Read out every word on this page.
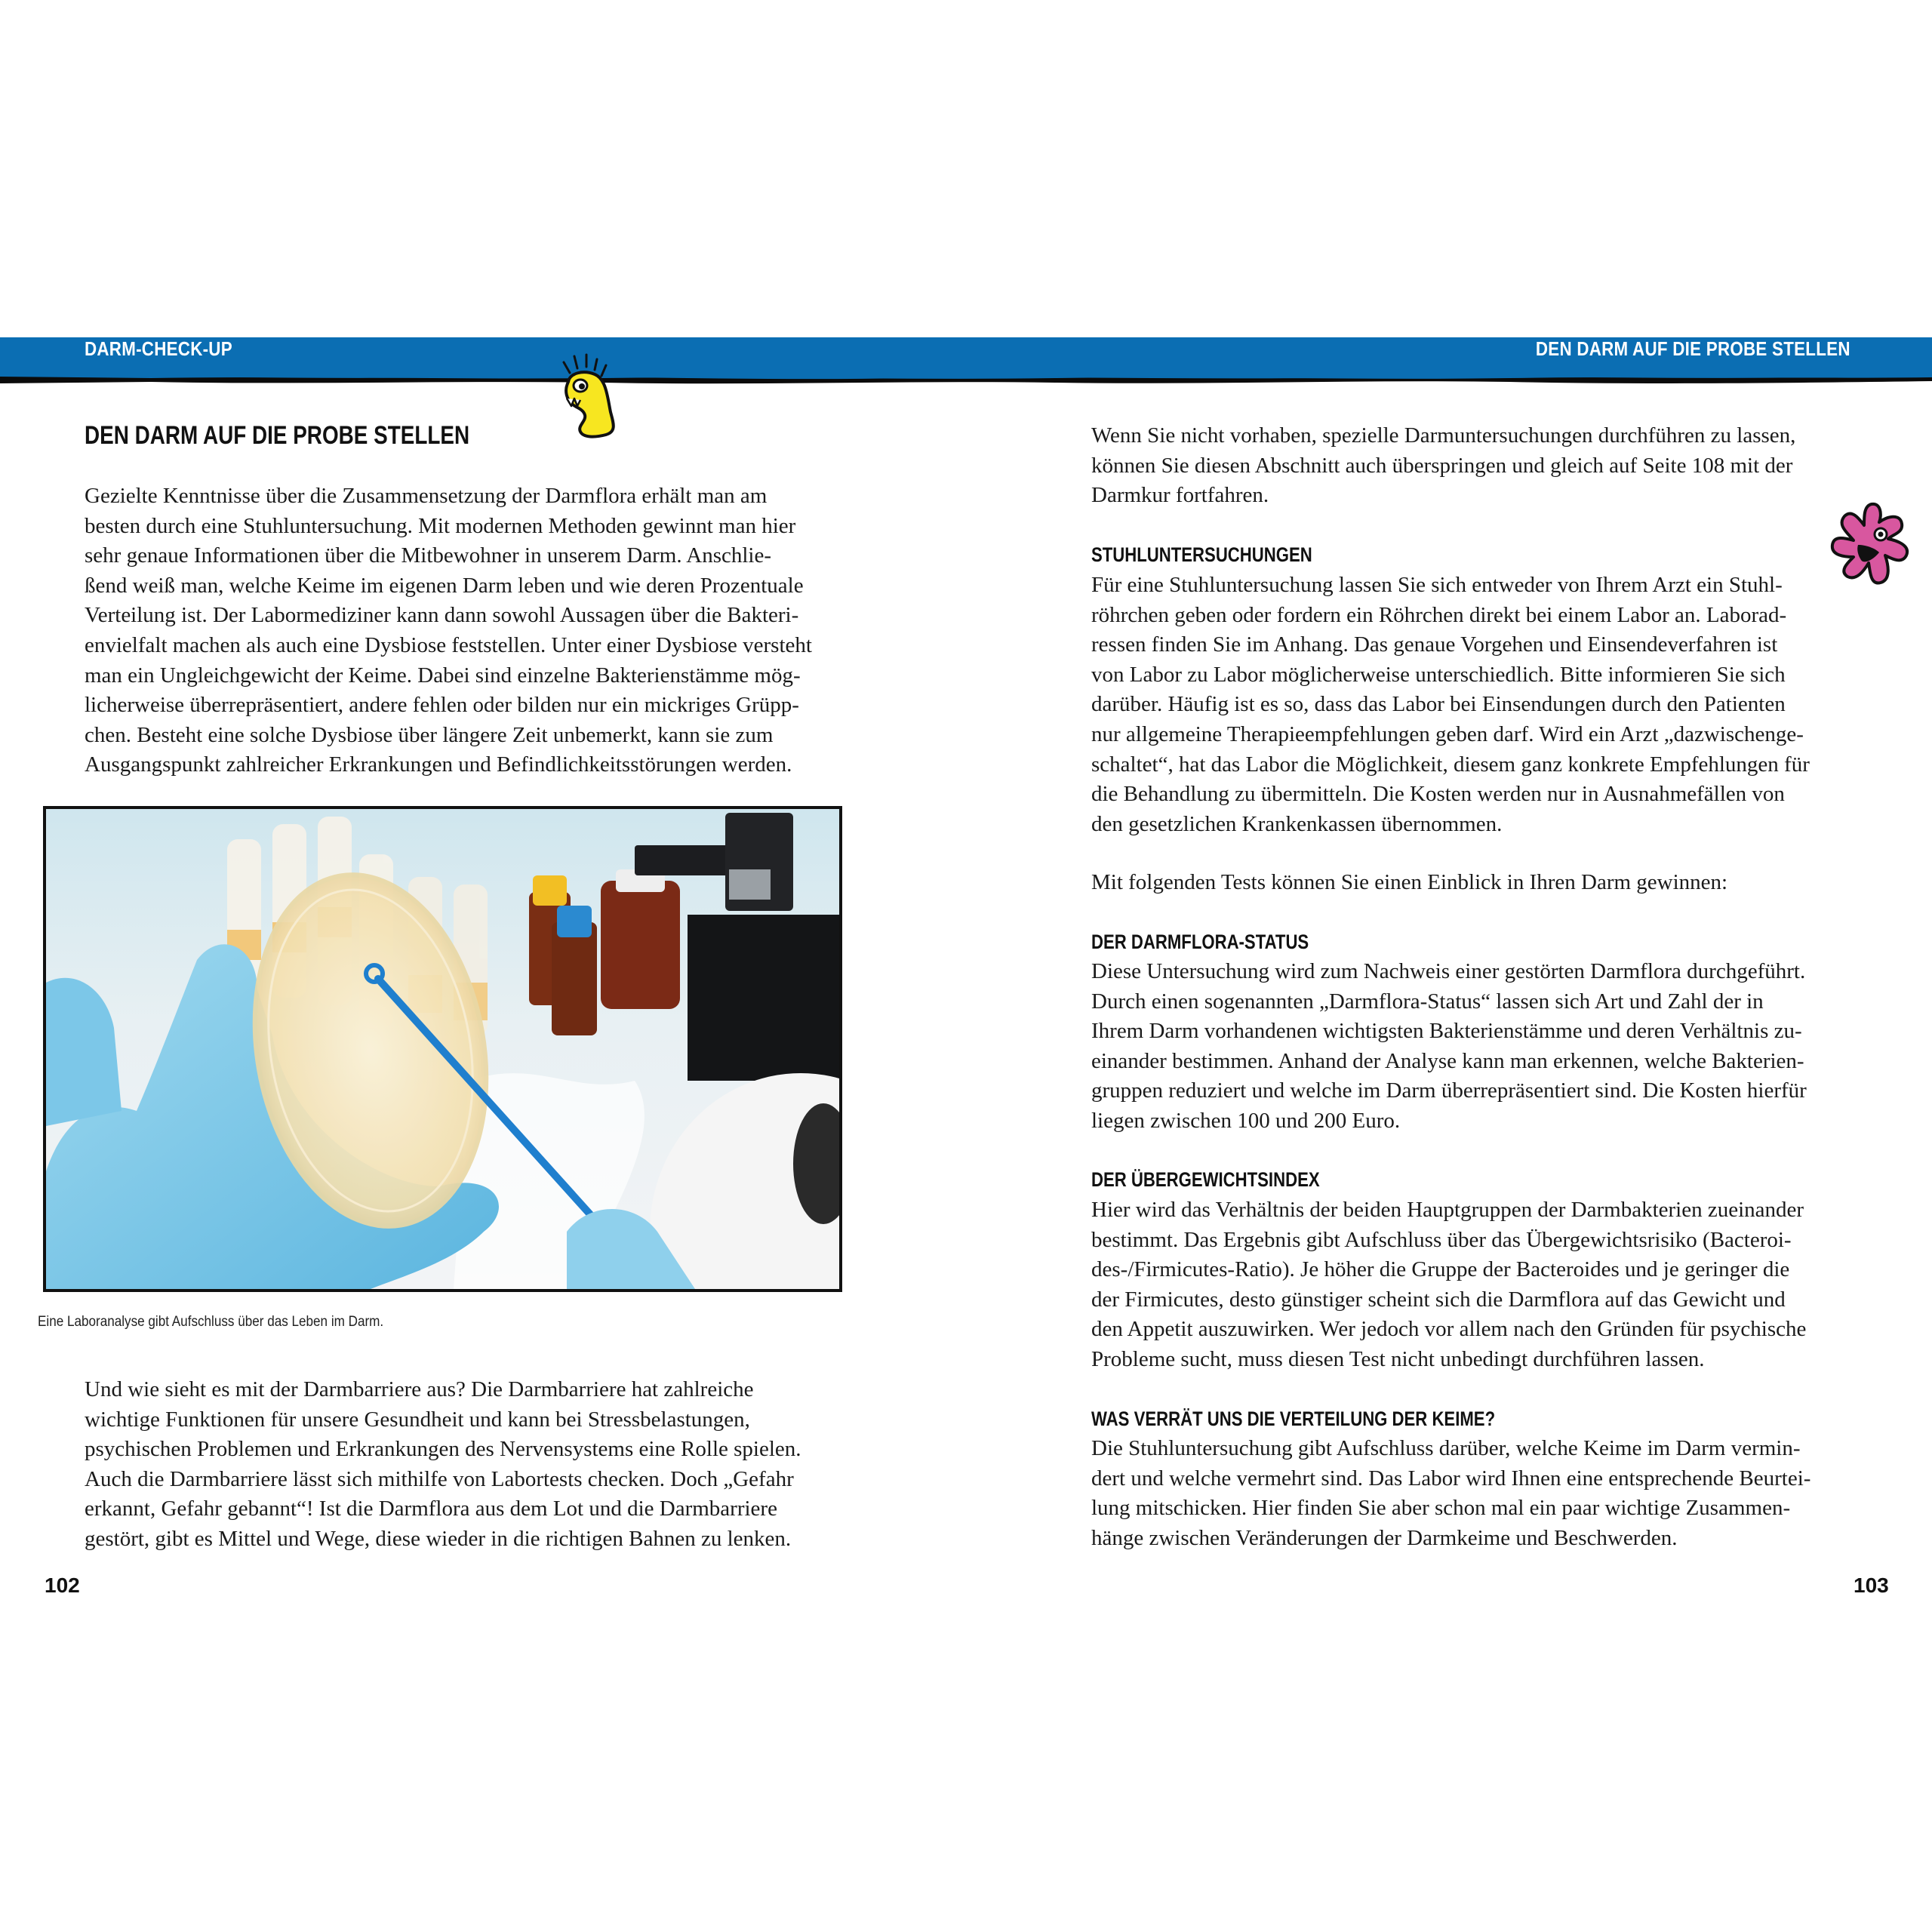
DARM-CHECK-UP	DEN DARM AUF DIE PROBE STELLEN
DEN DARM AUF DIE PROBE STELLEN
Gezielte Kenntnisse über die Zusammensetzung der Darmflora erhält man am
besten durch eine Stuhluntersuchung. Mit modernen Methoden gewinnt man hier
sehr genaue Informationen über die Mitbewohner in unserem Darm. Anschlie-
ßend weiß man, welche Keime im eigenen Darm leben und wie deren Prozentuale
Verteilung ist. Der Labormediziner kann dann sowohl Aussagen über die Bakteri-
envielfalt machen als auch eine Dysbiose feststellen. Unter einer Dysbiose versteht
man ein Ungleichgewicht der Keime. Dabei sind einzelne Bakterienstämme mög-
licherweise überrepräsentiert, andere fehlen oder bilden nur ein mickriges Grüpp-
chen. Besteht eine solche Dysbiose über längere Zeit unbemerkt, kann sie zum
Ausgangspunkt zahlreicher Erkrankungen und Befindlichkeitsstörungen werden.
Eine Laboranalyse gibt Aufschluss über das Leben im Darm.
Und wie sieht es mit der Darmbarriere aus? Die Darmbarriere hat zahlreiche
wichtige Funktionen für unsere Gesundheit und kann bei Stressbelastungen,
psychischen Problemen und Erkrankungen des Nervensystems eine Rolle spielen.
Auch die Darmbarriere lässt sich mithilfe von Labortests checken. Doch „Gefahr
erkannt, Gefahr gebannt“! Ist die Darmflora aus dem Lot und die Darmbarriere
gestört, gibt es Mittel und Wege, diese wieder in die richtigen Bahnen zu lenken.
102
Wenn Sie nicht vorhaben, spezielle Darmuntersuchungen durchführen zu lassen,
können Sie diesen Abschnitt auch überspringen und gleich auf Seite 108 mit der
Darmkur fortfahren.
STUHLUNTERSUCHUNGEN
Für eine Stuhluntersuchung lassen Sie sich entweder von Ihrem Arzt ein Stuhl-
röhrchen geben oder fordern ein Röhrchen direkt bei einem Labor an. Laborad-
ressen finden Sie im Anhang. Das genaue Vorgehen und Einsendeverfahren ist
von Labor zu Labor möglicherweise unterschiedlich. Bitte informieren Sie sich
darüber. Häufig ist es so, dass das Labor bei Einsendungen durch den Patienten
nur allgemeine Therapieempfehlungen geben darf. Wird ein Arzt „dazwischenge-
schaltet“, hat das Labor die Möglichkeit, diesem ganz konkrete Empfehlungen für
die Behandlung zu übermitteln. Die Kosten werden nur in Ausnahmefällen von
den gesetzlichen Krankenkassen übernommen.
Mit folgenden Tests können Sie einen Einblick in Ihren Darm gewinnen:
DER DARMFLORA-STATUS
Diese Untersuchung wird zum Nachweis einer gestörten Darmflora durchgeführt.
Durch einen sogenannten „Darmflora-Status“ lassen sich Art und Zahl der in
Ihrem Darm vorhandenen wichtigsten Bakterienstämme und deren Verhältnis zu-
einander bestimmen. Anhand der Analyse kann man erkennen, welche Bakterien-
gruppen reduziert und welche im Darm überrepräsentiert sind. Die Kosten hierfür
liegen zwischen 100 und 200 Euro.
DER ÜBERGEWICHTSINDEX
Hier wird das Verhältnis der beiden Hauptgruppen der Darmbakterien zueinander
bestimmt. Das Ergebnis gibt Aufschluss über das Übergewichtsrisiko (Bacteroi-
des-/Firmicutes-Ratio). Je höher die Gruppe der Bacteroides und je geringer die
der Firmicutes, desto günstiger scheint sich die Darmflora auf das Gewicht und
den Appetit auszuwirken. Wer jedoch vor allem nach den Gründen für psychische
Probleme sucht, muss diesen Test nicht unbedingt durchführen lassen.
WAS VERRÄT UNS DIE VERTEILUNG DER KEIME?
Die Stuhluntersuchung gibt Aufschluss darüber, welche Keime im Darm vermin-
dert und welche vermehrt sind. Das Labor wird Ihnen eine entsprechende Beurtei-
lung mitschicken. Hier finden Sie aber schon mal ein paar wichtige Zusammen-
hänge zwischen Veränderungen der Darmkeime und Beschwerden.
103
